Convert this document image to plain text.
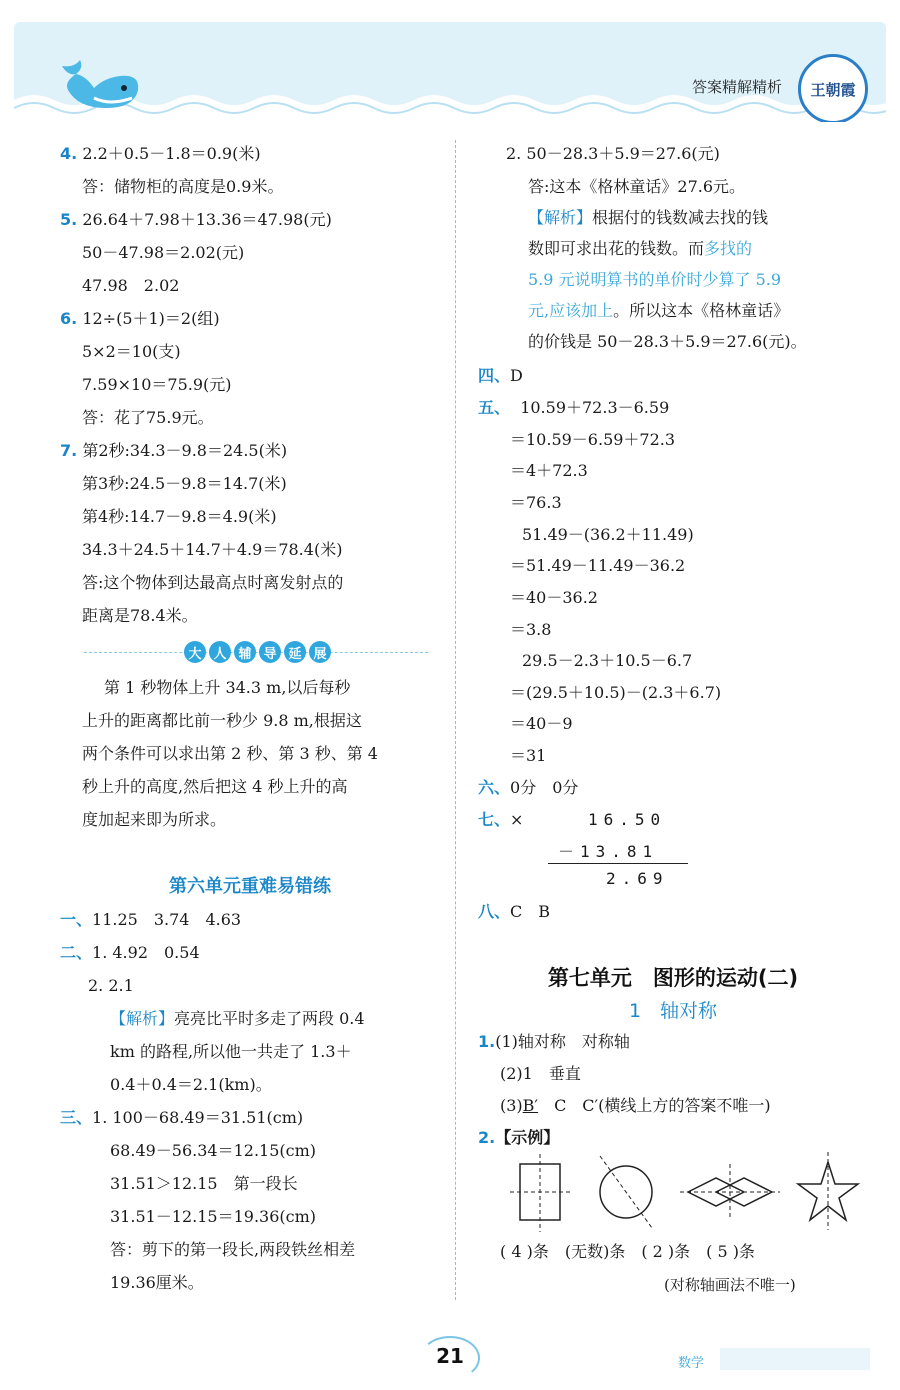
答案精解精析	王朝霞
4. 2.2＋0.5－1.8＝0.9(米)
答：储物柜的高度是0.9米。
5. 26.64＋7.98＋13.36＝47.98(元)
50－47.98＝2.02(元)
47.98　2.02
6. 12÷(5＋1)＝2(组)
5×2＝10(支)
7.59×10＝75.9(元)
答：花了75.9元。
7. 第2秒:34.3－9.8＝24.5(米)
第3秒:24.5－9.8＝14.7(米)
第4秒:14.7－9.8＝4.9(米)
34.3＋24.5＋14.7＋4.9＝78.4(米)
答:这个物体到达最高点时离发射点的
距离是78.4米。
大 人 辅 导 延 展
第 1 秒物体上升 34.3 m,以后每秒
上升的距离都比前一秒少 9.8 m,根据这
两个条件可以求出第 2 秒、第 3 秒、第 4
秒上升的高度,然后把这 4 秒上升的高
度加起来即为所求。
第六单元重难易错练
一、11.25　3.74　4.63
二、1. 4.92　0.54
2. 2.1
【解析】亮亮比平时多走了两段 0.4
km 的路程,所以他一共走了 1.3＋
0.4＋0.4＝2.1(km)。
三、1. 100－68.49＝31.51(cm)
68.49－56.34＝12.15(cm)
31.51＞12.15　第一段长
31.51－12.15＝19.36(cm)
答：剪下的第一段长,两段铁丝相差
19.36厘米。
2. 50－28.3＋5.9＝27.6(元)
答:这本《格林童话》27.6元。
【解析】根据付的钱数减去找的钱
数即可求出花的钱数。而多找的
5.9 元说明算书的单价时少算了 5.9
元,应该加上。所以这本《格林童话》
的价钱是 50－28.3＋5.9＝27.6(元)。
四、D
五、 10.59＋72.3－6.59
＝10.59－6.59＋72.3
＝4＋72.3
＝76.3
51.49－(36.2＋11.49)
＝51.49－11.49－36.2
＝40－36.2
＝3.8
29.5－2.3＋10.5－6.7
＝(29.5＋10.5)－(2.3＋6.7)
＝40－9
＝31
六、0分　0分
七、×	16.50
－13.81
2.69
八、C　B
第七单元　图形的运动(二)
1　轴对称
1.(1)轴对称　对称轴
(2)1　垂直
(3)B′　C　C′(横线上方的答案不唯一)
2.【示例】
( 4 )条　(无数)条　( 2 )条　( 5 )条
(对称轴画法不唯一)
21	数学
